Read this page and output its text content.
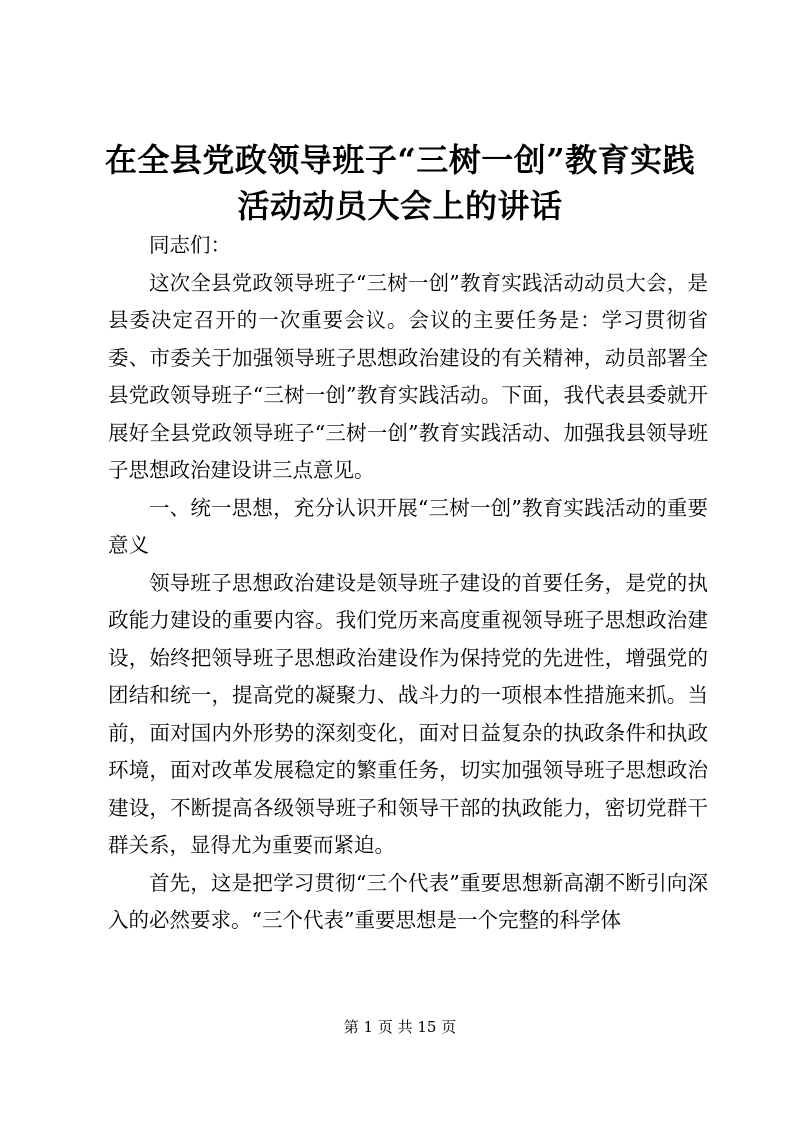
在全县党政领导班子“三树一创”教育实践活动动员大会上的讲话

同志们：

这次全县党政领导班子“三树一创”教育实践活动动员大会，是县委决定召开的一次重要会议。会议的主要任务是：学习贯彻省委、市委关于加强领导班子思想政治建设的有关精神，动员部署全县党政领导班子“三树一创”教育实践活动。下面，我代表县委就开展好全县党政领导班子“三树一创”教育实践活动、加强我县领导班子思想政治建设讲三点意见。

一、统一思想，充分认识开展“三树一创”教育实践活动的重要意义

领导班子思想政治建设是领导班子建设的首要任务，是党的执政能力建设的重要内容。我们党历来高度重视领导班子思想政治建设，始终把领导班子思想政治建设作为保持党的先进性，增强党的团结和统一，提高党的凝聚力、战斗力的一项根本性措施来抓。当前，面对国内外形势的深刻变化，面对日益复杂的执政条件和执政环境，面对改革发展稳定的繁重任务，切实加强领导班子思想政治建设，不断提高各级领导班子和领导干部的执政能力，密切党群干群关系，显得尤为重要而紧迫。

首先，这是把学习贯彻“三个代表”重要思想新高潮不断引向深入的必然要求。“三个代表”重要思想是一个完整的科学体

第 1 页 共 15 页
